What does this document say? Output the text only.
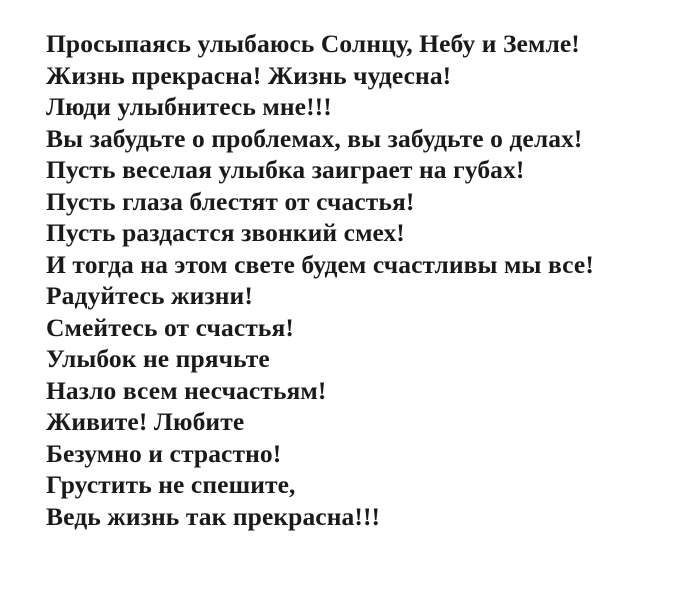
Просыпаясь улыбаюсь Солнцу, Небу и Земле!
Жизнь прекрасна! Жизнь чудесна!
Люди улыбнитесь мне!!!
Вы забудьте о проблемах, вы забудьте о делах!
Пусть веселая улыбка заиграет на губах!
Пусть глаза блестят от счастья!
Пусть раздастся звонкий смех!
И тогда на этом свете будем счастливы мы все!
Радуйтесь жизни!
Смейтесь от счастья!
Улыбок не прячьте
Назло всем несчастьям!
Живите! Любите
Безумно и страстно!
Грустить не спешите,
Ведь жизнь так прекрасна!!!
